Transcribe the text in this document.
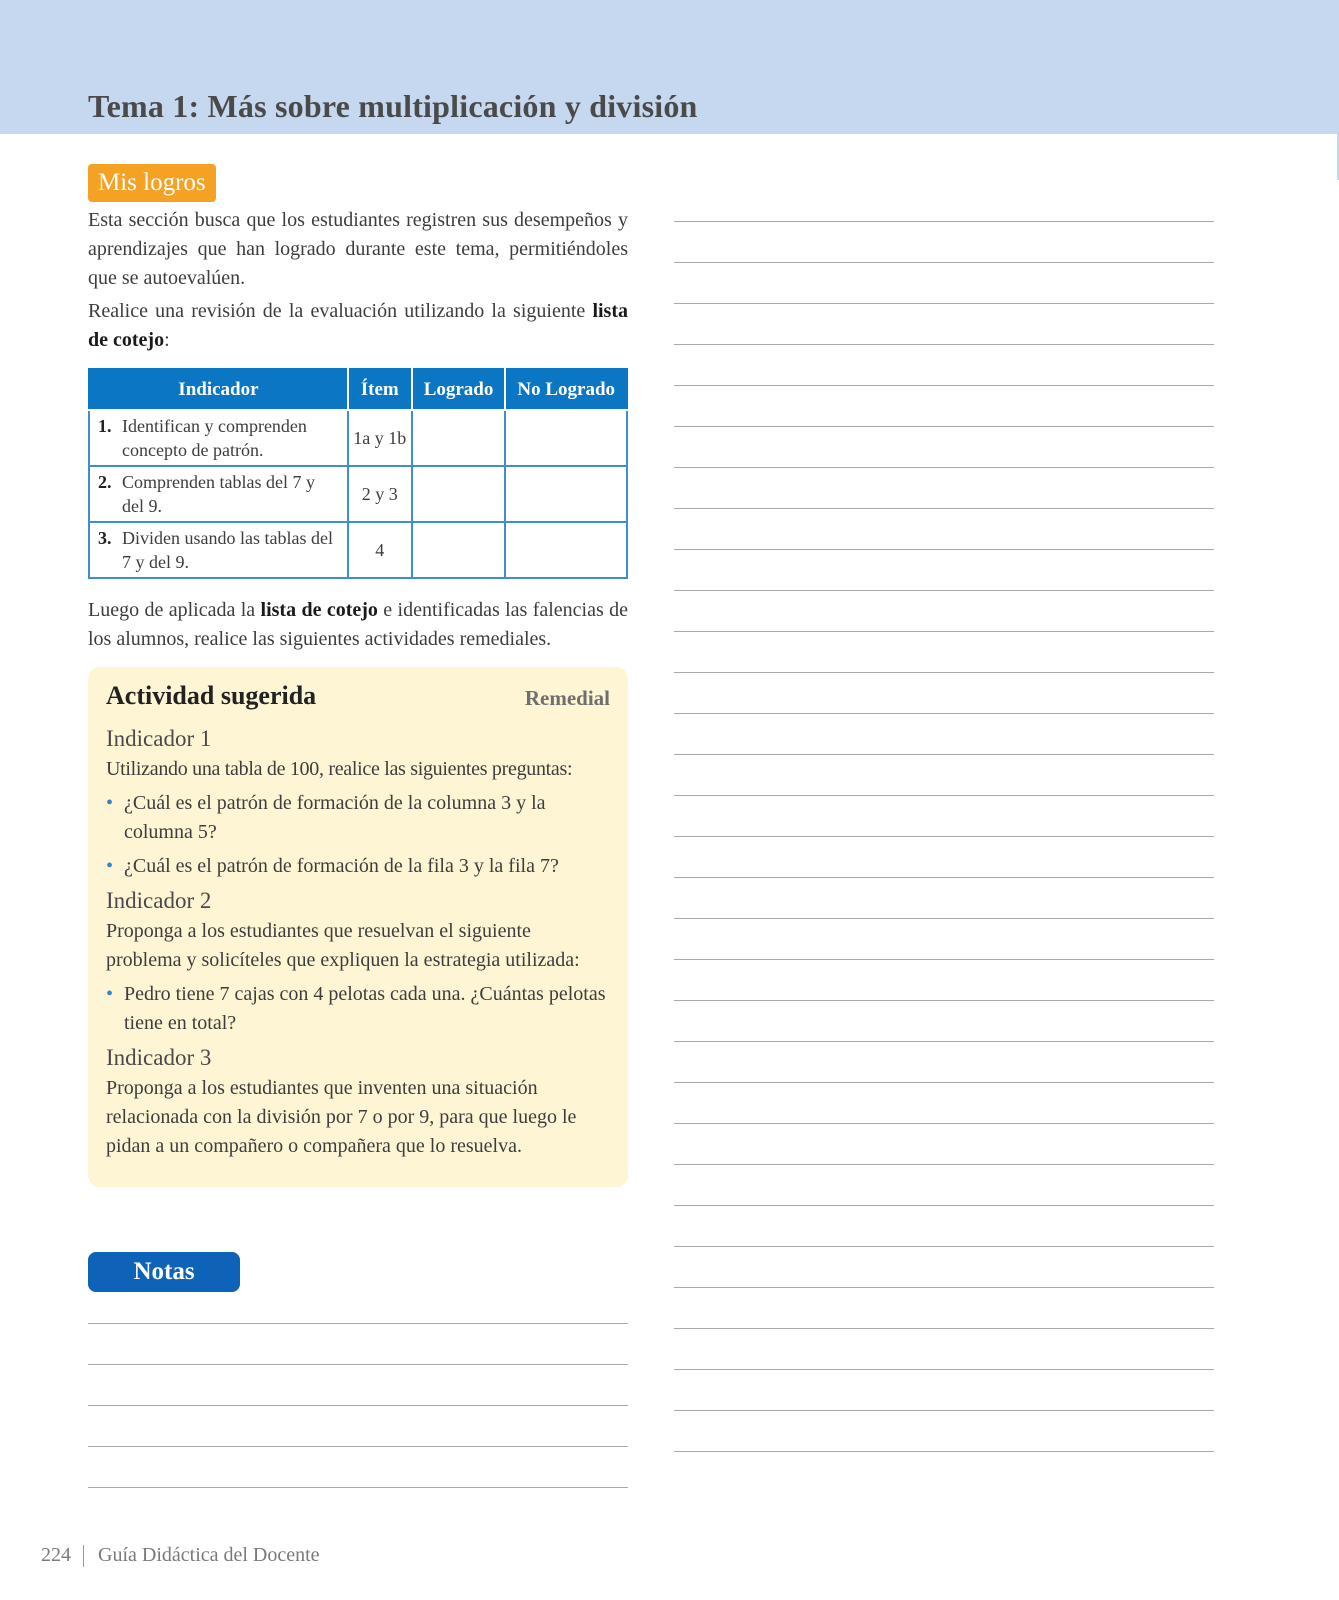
Tema 1: Más sobre multiplicación y división
Mis logros

Esta sección busca que los estudiantes registren sus desempeños y aprendizajes que han logrado durante este tema, permitiéndoles que se autoevalúen.

Realice una revisión de la evaluación utilizando la siguiente lista de cotejo:

Indicador	Ítem	Logrado	No Logrado

1. Identifican y comprenden concepto de patrón.	1a y 1b		

2. Comprenden tablas del 7 y del 9.	2 y 3		

3. Dividen usando las tablas del 7 y del 9.	4		

Luego de aplicada la lista de cotejo e identificadas las falencias de los alumnos, realice las siguientes actividades remediales.

Actividad sugerida	Remedial
Indicador 1

Utilizando una tabla de 100, realice las siguientes preguntas:

• ¿Cuál es el patrón de formación de la columna 3 y la columna 5?
• ¿Cuál es el patrón de formación de la fila 3 y la fila 7?
Indicador 2

Proponga a los estudiantes que resuelvan el siguiente problema y solicíteles que expliquen la estrategia utilizada:

• Pedro tiene 7 cajas con 4 pelotas cada una. ¿Cuántas pelotas tiene en total?
Indicador 3

Proponga a los estudiantes que inventen una situación relacionada con la división por 7 o por 9, para que luego le pidan a un compañero o compañera que lo resuelva.

Notas
224 Guía Didáctica del Docente
